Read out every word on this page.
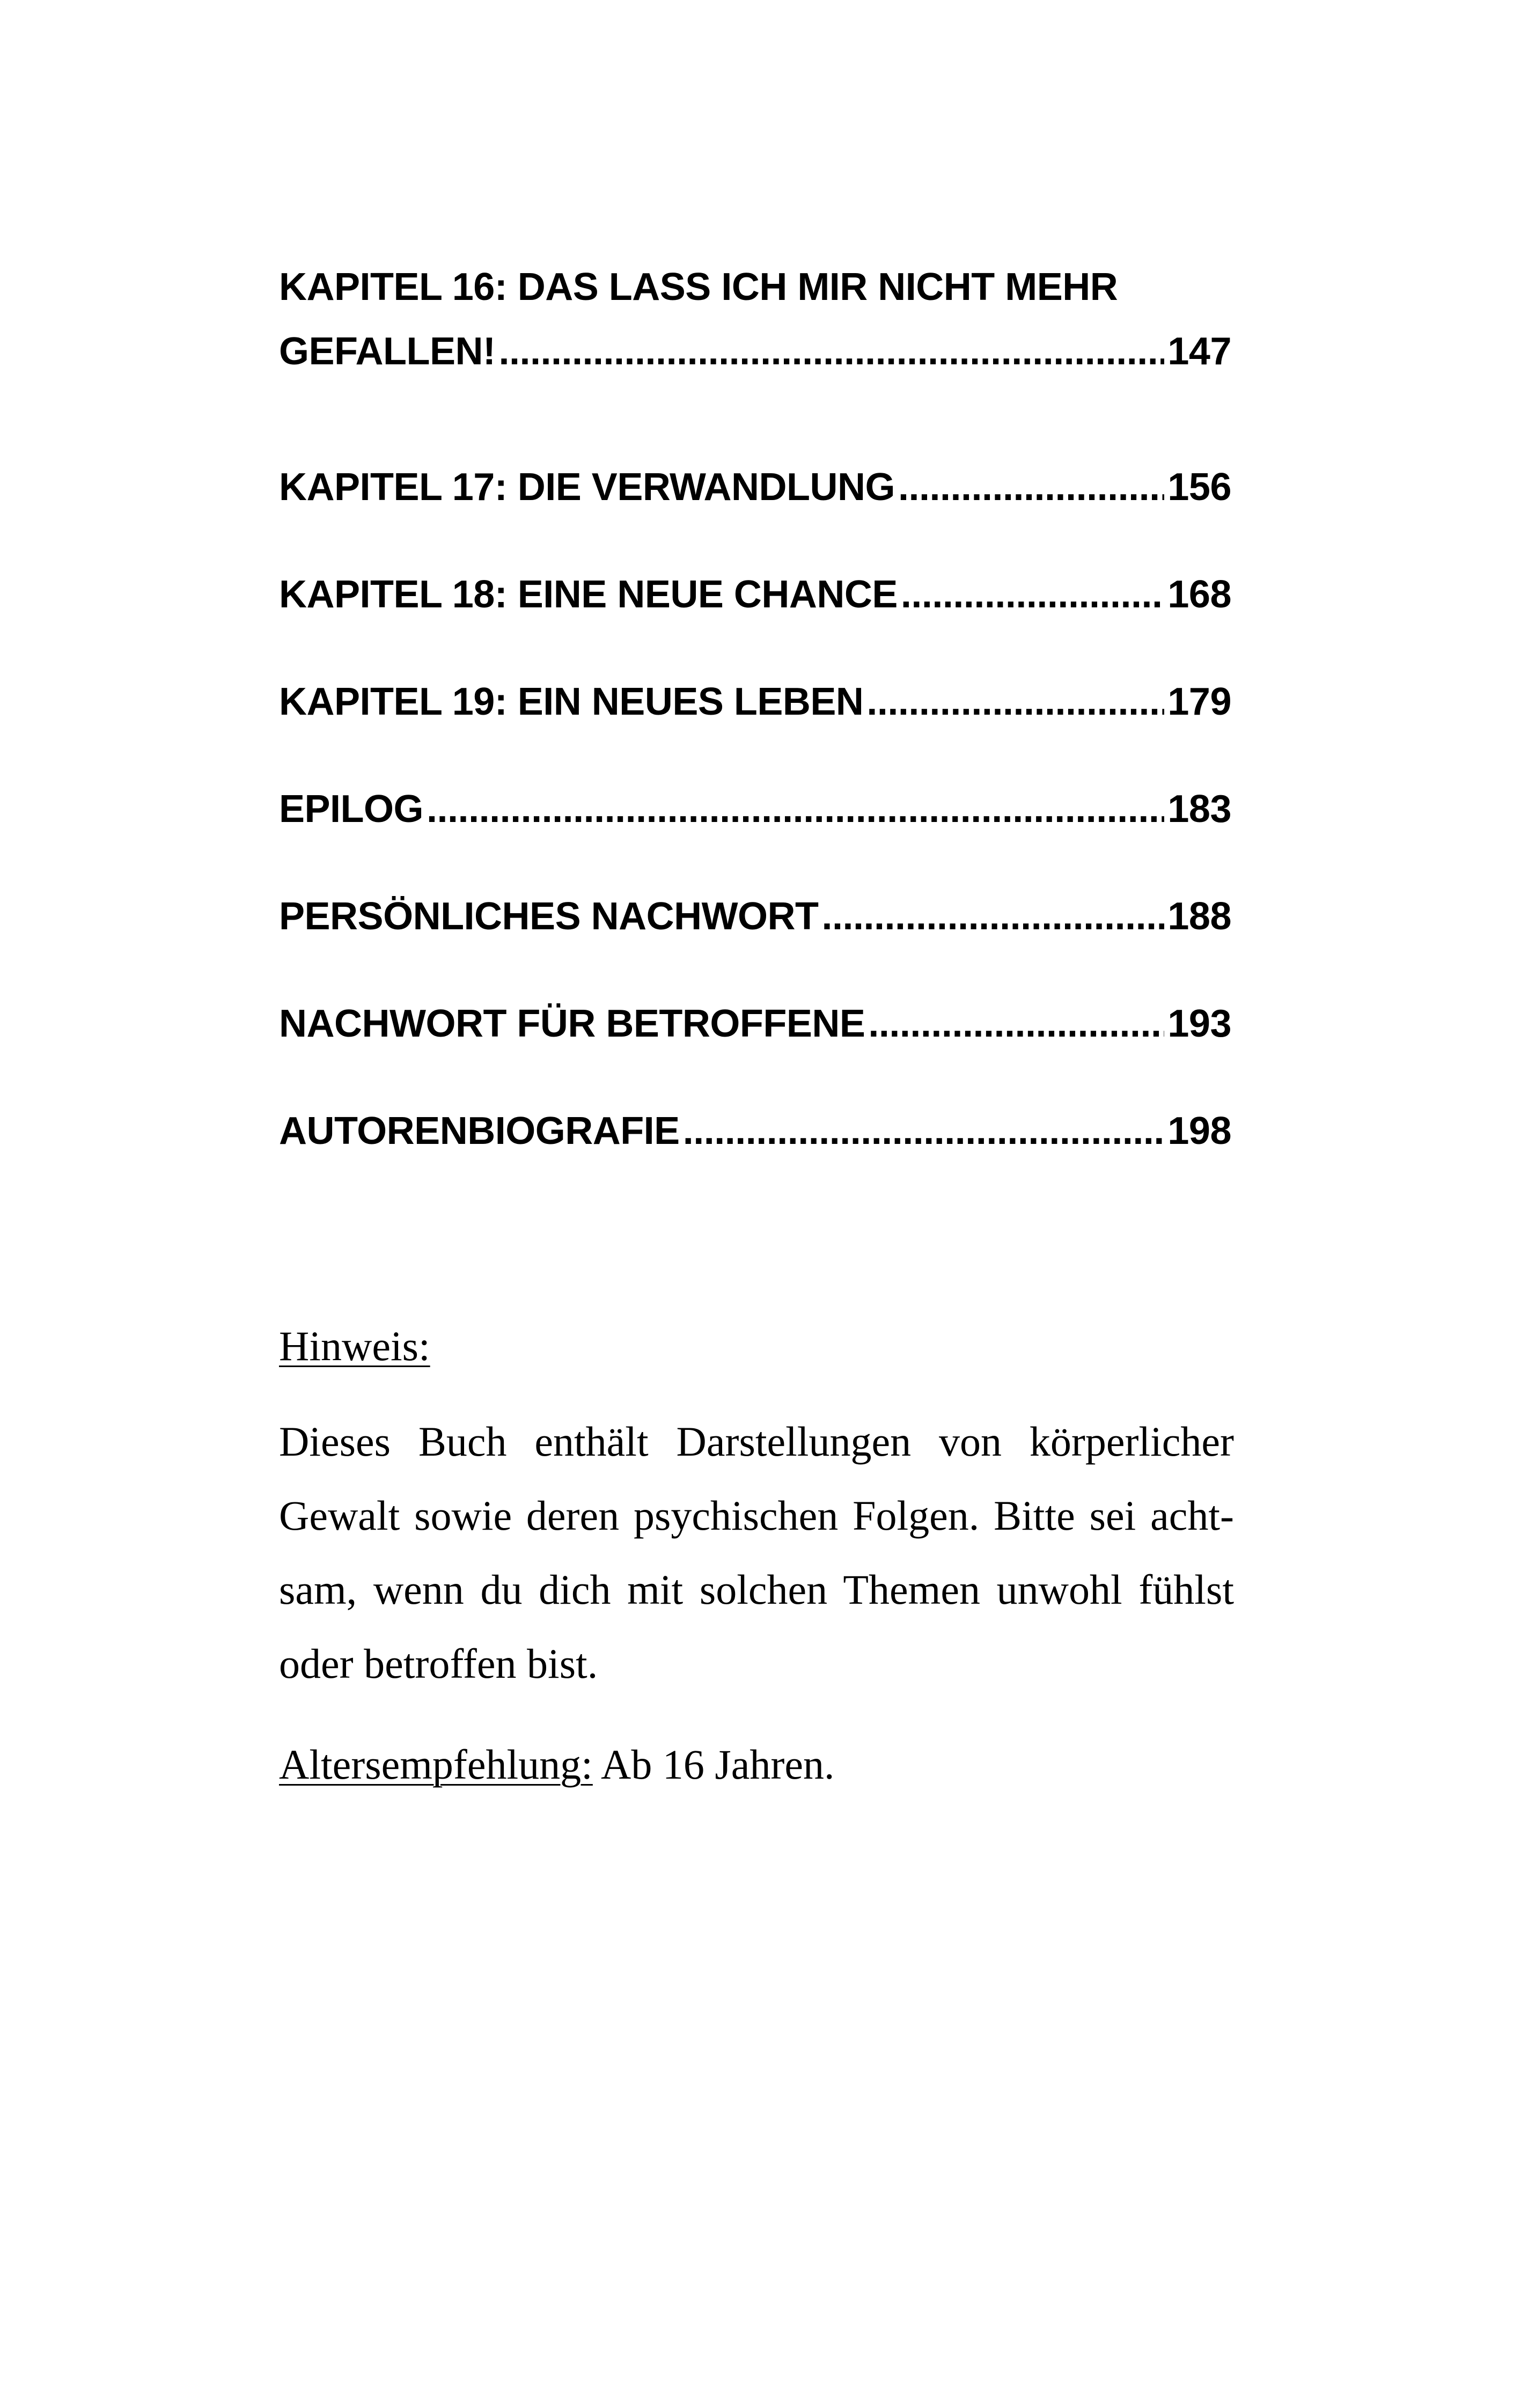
KAPITEL 16: DAS LASS ICH MIR NICHT MEHR
GEFALLEN! .....	147
KAPITEL 17: DIE VERWANDLUNG .....	156
KAPITEL 18: EINE NEUE CHANCE .....	168
KAPITEL 19: EIN NEUES LEBEN .....	179
EPILOG .....	183
PERSÖNLICHES NACHWORT .....	188
NACHWORT FÜR BETROFFENE .....	193
AUTORENBIOGRAFIE .....	198
Hinweis:

Dieses Buch enthält Darstellungen von körperlicher Gewalt sowie deren psychischen Folgen. Bitte sei achtsam, wenn du dich mit solchen Themen unwohl fühlst oder betroffen bist.

Altersempfehlung: Ab 16 Jahren.
